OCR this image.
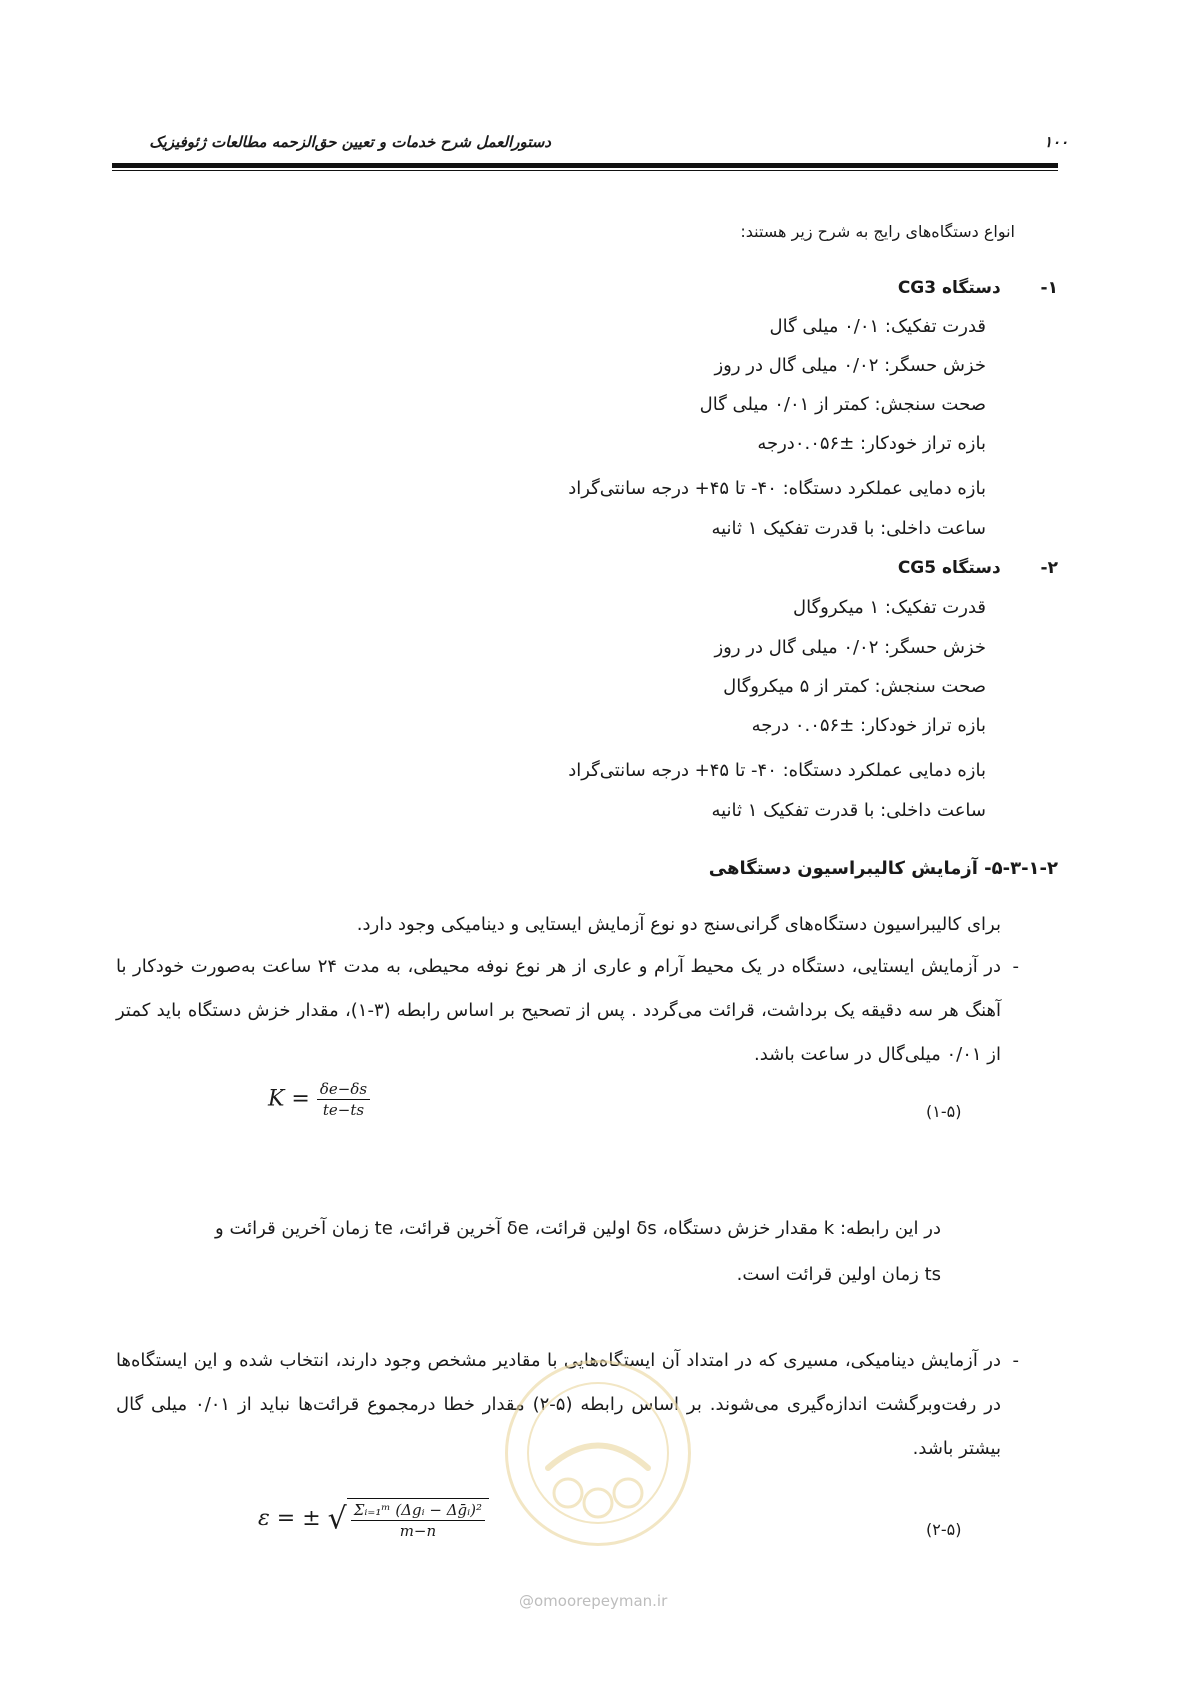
دستورالعمل شرح خدمات و تعیین حق‌الزحمه مطالعات ژئوفیزیک	۱۰۰
انواع دستگاه‌های رایج به شرح زیر هستند:
۱-  دستگاه CG3
قدرت تفکیک: ۰/۰۱ میلی گال
خزش حسگر: ۰/۰۲ میلی گال در روز
صحت سنجش: کمتر از ۰/۰۱ میلی گال
بازه تراز خودکار: ±۰.۰۵۶درجه
بازه دمایی عملکرد دستگاه: ۴۰- تا ۴۵+ درجه سانتی‌گراد
ساعت داخلی: با قدرت تفکیک ۱ ثانیه
۲-  دستگاه CG5
قدرت تفکیک: ۱ میکروگال
خزش حسگر: ۰/۰۲ میلی گال در روز
صحت سنجش: کمتر از ۵ میکروگال
بازه تراز خودکار: ±۰.۰۵۶ درجه
بازه دمایی عملکرد دستگاه: ۴۰- تا ۴۵+ درجه سانتی‌گراد
ساعت داخلی: با قدرت تفکیک ۱ ثانیه
۵-۳-۱-۲- آزمایش کالیبراسیون دستگاهی
برای کالیبراسیون دستگاه‌های گرانی‌سنج دو نوع آزمایش ایستایی و دینامیکی وجود دارد.
-
در آزمایش ایستایی، دستگاه در یک محیط آرام و عاری از هر نوع نوفه محیطی، به مدت ۲۴ ساعت به‌صورت خودکار با آهنگ هر سه دقیقه یک برداشت، قرائت می‌گردد . پس از تصحیح بر اساس رابطه (۳-۱)، مقدار خزش دستگاه باید کمتر از ۰/۰۱ میلی‌گال در ساعت باشد.
$K = \frac{\delta e-\delta s}{te-ts}$	(۱-۵)
در این رابطه: k مقدار خزش دستگاه، δs اولین قرائت، δe آخرین قرائت، te زمان آخرین قرائت و
ts زمان اولین قرائت است.
-
در آزمایش دینامیکی، مسیری که در امتداد آن ایستگاه‌هایی با مقادیر مشخص وجود دارند، انتخاب شده و این ایستگاه‌ها در رفت‌وبرگشت اندازه‌گیری می‌شوند. بر اساس رابطه (۵-۲) مقدار خطا درمجموع قرائت‌ها نباید از ۰/۰۱ میلی گال بیشتر باشد.
ε = ± √ $\frac{\text{Σᵢ₌₁ᵐ (Δgᵢ − Δḡᵢ)²}}{m-n}$	(۲-۵)
@omoorepeyman.ir
